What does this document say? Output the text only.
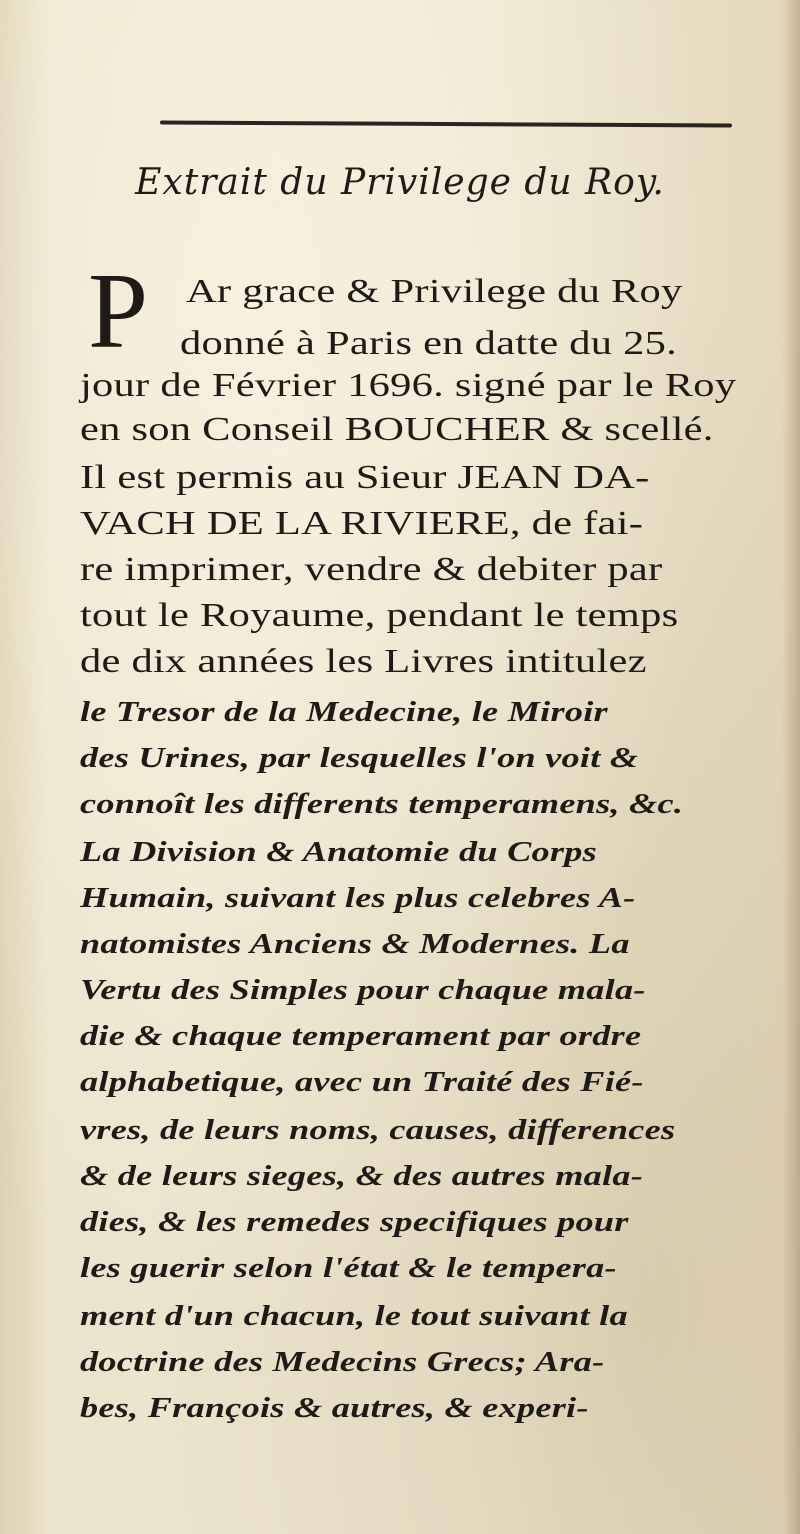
Extrait du Privilege du Roy.
P Ar grace & Privilege du Roy
donné à Paris en datte du 25.
jour de Février 1696. signé par le Roy
en son Conseil BOUCHER & scellé.
Il est permis au Sieur JEAN DA-
VACH DE LA RIVIERE, de fai-
re imprimer, vendre & debiter par
tout le Royaume, pendant le temps
de dix années les Livres intitulez
le Tresor de la Medecine, le Miroir
des Urines, par lesquelles l'on voit &
connoît les differents temperamens, &c.
La Division & Anatomie du Corps
Humain, suivant les plus celebres A-
natomistes Anciens & Modernes. La
Vertu des Simples pour chaque mala-
die & chaque temperament par ordre
alphabetique, avec un Traité des Fié-
vres, de leurs noms, causes, differences
& de leurs sieges, & des autres mala-
dies, & les remedes specifiques pour
les guerir selon l'état & le tempera-
ment d'un chacun, le tout suivant la
doctrine des Medecins Grecs; Ara-
bes, François & autres, & experi-
